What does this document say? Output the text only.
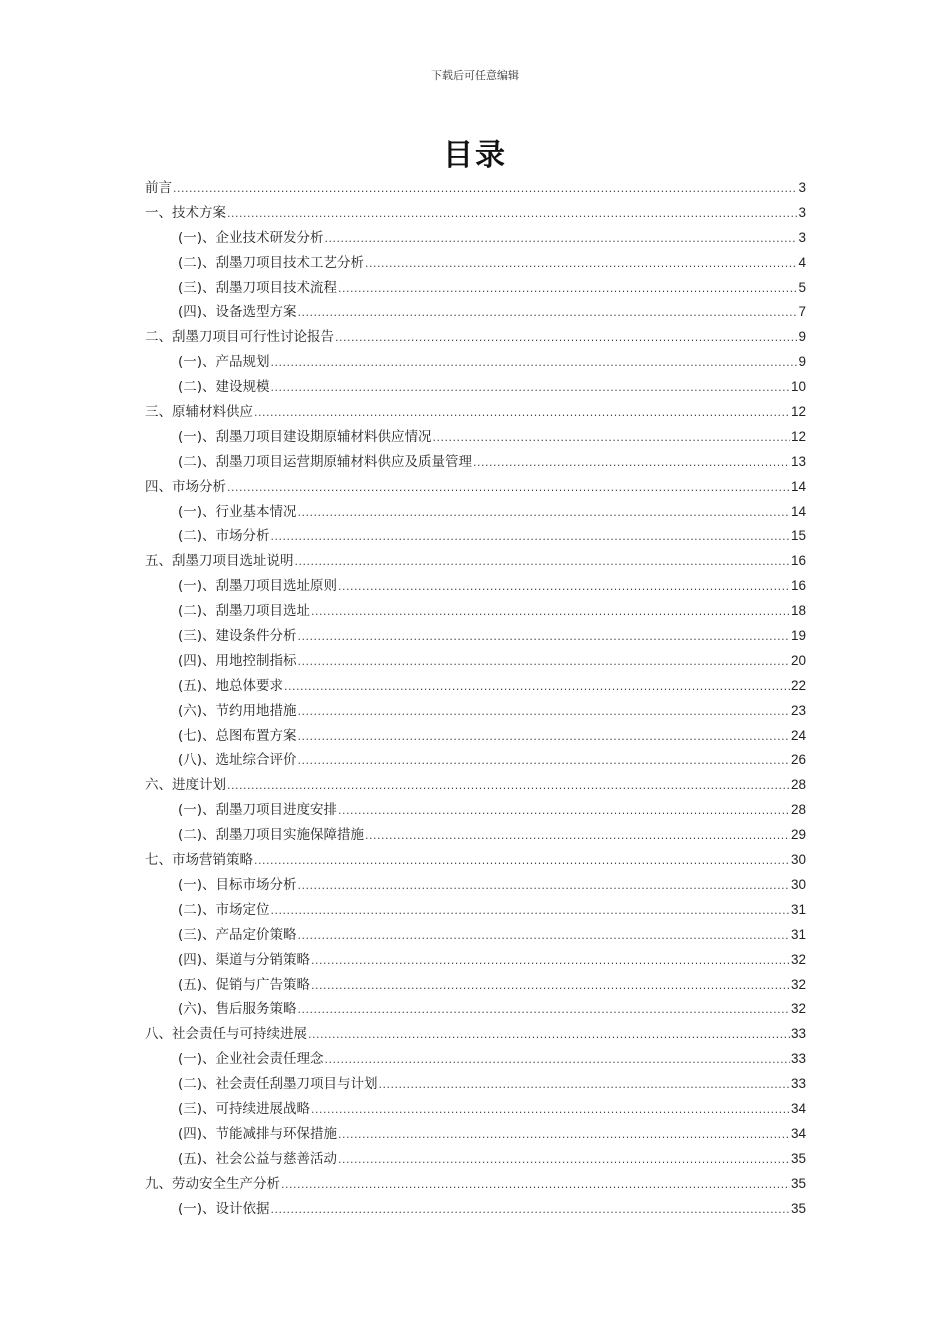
下载后可任意编辑
目录
前言 .....	3
一、技术方案 .....	3
(一)、企业技术研发分析 .....	3
(二)、刮墨刀项目技术工艺分析 .....	4
(三)、刮墨刀项目技术流程 .....	5
(四)、设备选型方案 .....	7
二、刮墨刀项目可行性讨论报告 .....	9
(一)、产品规划 .....	9
(二)、建设规模 .....	10
三、原辅材料供应 .....	12
(一)、刮墨刀项目建设期原辅材料供应情况 .....	12
(二)、刮墨刀项目运营期原辅材料供应及质量管理 .....	13
四、市场分析 .....	14
(一)、行业基本情况 .....	14
(二)、市场分析 .....	15
五、刮墨刀项目选址说明 .....	16
(一)、刮墨刀项目选址原则 .....	16
(二)、刮墨刀项目选址 .....	18
(三)、建设条件分析 .....	19
(四)、用地控制指标 .....	20
(五)、地总体要求 .....	22
(六)、节约用地措施 .....	23
(七)、总图布置方案 .....	24
(八)、选址综合评价 .....	26
六、进度计划 .....	28
(一)、刮墨刀项目进度安排 .....	28
(二)、刮墨刀项目实施保障措施 .....	29
七、市场营销策略 .....	30
(一)、目标市场分析 .....	30
(二)、市场定位 .....	31
(三)、产品定价策略 .....	31
(四)、渠道与分销策略 .....	32
(五)、促销与广告策略 .....	32
(六)、售后服务策略 .....	32
八、社会责任与可持续进展 .....	33
(一)、企业社会责任理念 .....	33
(二)、社会责任刮墨刀项目与计划 .....	33
(三)、可持续进展战略 .....	34
(四)、节能减排与环保措施 .....	34
(五)、社会公益与慈善活动 .....	35
九、劳动安全生产分析 .....	35
(一)、设计依据 .....	35
